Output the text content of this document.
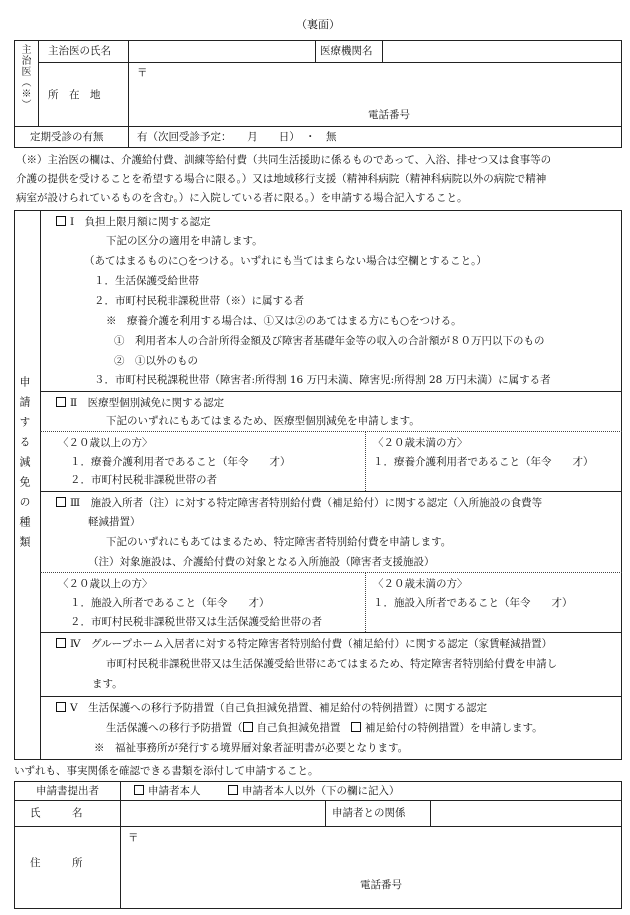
（裏面）
主治医（※） 主治医の氏名	医療機関名
所　在　地
〒
電話番号
定期受診の有無	有（次回受診予定：　　月　　日）　・　無
（※）主治医の欄は、介護給付費、訓練等給付費（共同生活援助に係るものであって、入浴、排せつ又は食事等の
介護の提供を受けることを希望する場合に限る。）又は地域移行支援（精神科病院（精神科病院以外の病院で精神
病室が設けられているものを含む。）に入院している者に限る。）を申請する場合記入すること。
申請する減免の種類
Ⅰ　負担上限月額に関する認定
下記の区分の適用を申請します。
（あてはまるものに○をつける。いずれにも当てはまらない場合は空欄とすること。）
１．生活保護受給世帯
２．市町村民税非課税世帯（※）に属する者
※　療養介護を利用する場合は、①又は②のあてはまる方にも○をつける。
①　利用者本人の合計所得金額及び障害者基礎年金等の収入の合計額が８０万円以下のもの
②　①以外のもの
３．市町村民税課税世帯（障害者:所得割 16 万円未満、障害児:所得割 28 万円未満）に属する者
Ⅱ　医療型個別減免に関する認定
下記のいずれにもあてはまるため、医療型個別減免を申請します。
〈２０歳以上の方〉
１．療養介護利用者であること（年令　　才）
２．市町村民税非課税世帯の者
〈２０歳未満の方〉
１．療養介護利用者であること（年令　　才）
Ⅲ　施設入所者（注）に対する特定障害者特別給付費（補足給付）に関する認定（入所施設の食費等
軽減措置）
下記のいずれにもあてはまるため、特定障害者特別給付費を申請します。
（注）対象施設は、介護給付費の対象となる入所施設（障害者支援施設）
〈２０歳以上の方〉
１．施設入所者であること（年令　　才）
２．市町村民税非課税世帯又は生活保護受給世帯の者
〈２０歳未満の方〉
１．施設入所者であること（年令　　才）
Ⅳ　グループホーム入居者に対する特定障害者特別給付費（補足給付）に関する認定（家賃軽減措置）
市町村民税非課税世帯又は生活保護受給世帯にあてはまるため、特定障害者特別給付費を申請し
ます。
Ⅴ　生活保護への移行予防措置（自己負担減免措置、補足給付の特例措置）に関する認定
生活保護への移行予防措置（ 自己負担減免措置　 補足給付の特例措置）を申請します。
※　福祉事務所が発行する境界層対象者証明書が必要となります。
いずれも、事実関係を確認できる書類を添付して申請すること。
申請書提出者	申請者本人	申請者本人以外（下の欄に記入）
氏　　　名	申請者との関係
住　　　所
〒
電話番号
